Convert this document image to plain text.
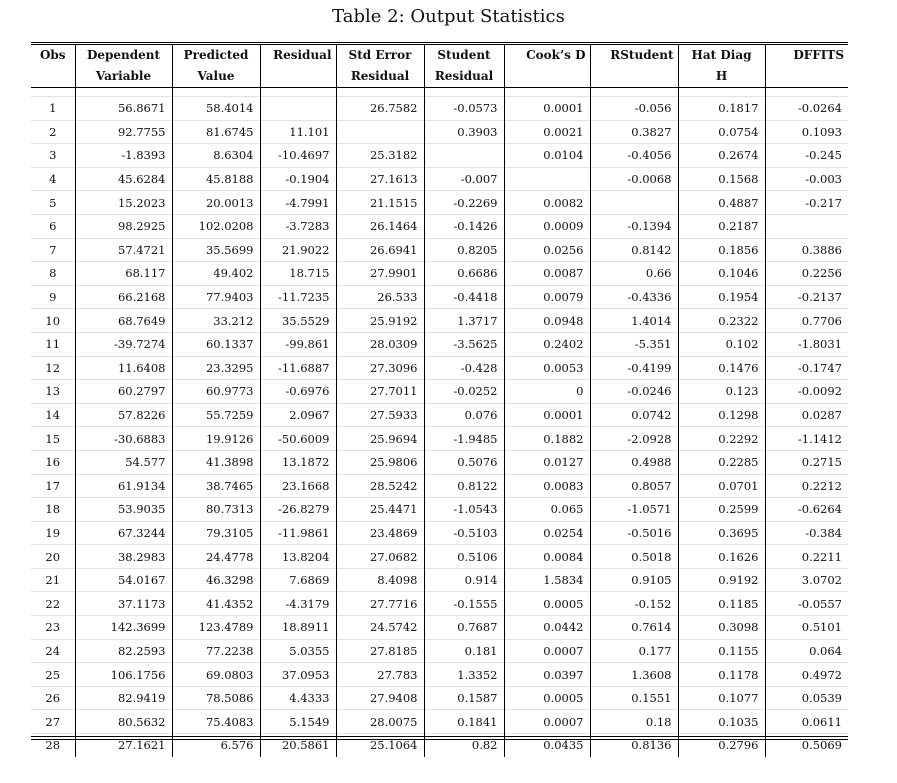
Table 2: Output Statistics
Obs	Dependent	Predicted	Residual	Std Error	Student	Cook’s D	RStudent	Hat Diag	DFFITS
	Variable	Value		Residual	Residual			H	

1	56.8671	58.4014		26.7582	-0.0573	0.0001	-0.056	0.1817	-0.0264
2	92.7755	81.6745	11.101		0.3903	0.0021	0.3827	0.0754	0.1093
3	-1.8393	8.6304	-10.4697	25.3182		0.0104	-0.4056	0.2674	-0.245
4	45.6284	45.8188	-0.1904	27.1613	-0.007		-0.0068	0.1568	-0.003
5	15.2023	20.0013	-4.7991	21.1515	-0.2269	0.0082		0.4887	-0.217
6	98.2925	102.0208	-3.7283	26.1464	-0.1426	0.0009	-0.1394	0.2187	
7	57.4721	35.5699	21.9022	26.6941	0.8205	0.0256	0.8142	0.1856	0.3886
8	68.117	49.402	18.715	27.9901	0.6686	0.0087	0.66	0.1046	0.2256
9	66.2168	77.9403	-11.7235	26.533	-0.4418	0.0079	-0.4336	0.1954	-0.2137
10	68.7649	33.212	35.5529	25.9192	1.3717	0.0948	1.4014	0.2322	0.7706
11	-39.7274	60.1337	-99.861	28.0309	-3.5625	0.2402	-5.351	0.102	-1.8031
12	11.6408	23.3295	-11.6887	27.3096	-0.428	0.0053	-0.4199	0.1476	-0.1747
13	60.2797	60.9773	-0.6976	27.7011	-0.0252	0	-0.0246	0.123	-0.0092
14	57.8226	55.7259	2.0967	27.5933	0.076	0.0001	0.0742	0.1298	0.0287
15	-30.6883	19.9126	-50.6009	25.9694	-1.9485	0.1882	-2.0928	0.2292	-1.1412
16	54.577	41.3898	13.1872	25.9806	0.5076	0.0127	0.4988	0.2285	0.2715
17	61.9134	38.7465	23.1668	28.5242	0.8122	0.0083	0.8057	0.0701	0.2212
18	53.9035	80.7313	-26.8279	25.4471	-1.0543	0.065	-1.0571	0.2599	-0.6264
19	67.3244	79.3105	-11.9861	23.4869	-0.5103	0.0254	-0.5016	0.3695	-0.384
20	38.2983	24.4778	13.8204	27.0682	0.5106	0.0084	0.5018	0.1626	0.2211
21	54.0167	46.3298	7.6869	8.4098	0.914	1.5834	0.9105	0.9192	3.0702
22	37.1173	41.4352	-4.3179	27.7716	-0.1555	0.0005	-0.152	0.1185	-0.0557
23	142.3699	123.4789	18.8911	24.5742	0.7687	0.0442	0.7614	0.3098	0.5101
24	82.2593	77.2238	5.0355	27.8185	0.181	0.0007	0.177	0.1155	0.064
25	106.1756	69.0803	37.0953	27.783	1.3352	0.0397	1.3608	0.1178	0.4972
26	82.9419	78.5086	4.4333	27.9408	0.1587	0.0005	0.1551	0.1077	0.0539
27	80.5632	75.4083	5.1549	28.0075	0.1841	0.0007	0.18	0.1035	0.0611
28	27.1621	6.576	20.5861	25.1064	0.82	0.0435	0.8136	0.2796	0.5069
